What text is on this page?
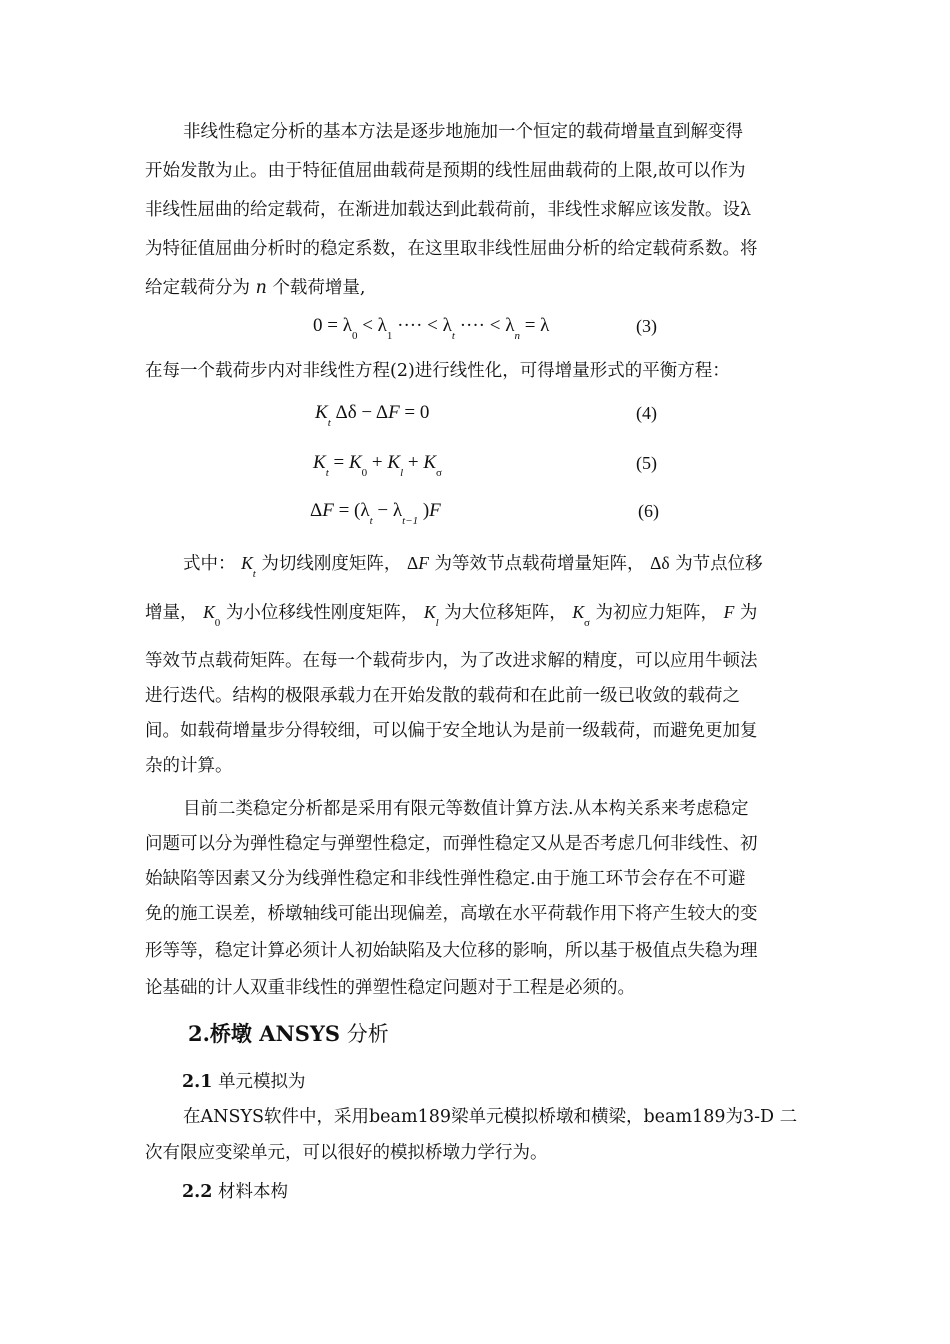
非线性稳定分析的基本方法是逐步地施加一个恒定的载荷增量直到解变得
开始发散为止。由于特征值屈曲载荷是预期的线性屈曲载荷的上限,故可以作为
非线性屈曲的给定载荷，在渐进加载达到此载荷前，非线性求解应该发散。设λ
为特征值屈曲分析时的稳定系数，在这里取非线性屈曲分析的给定载荷系数。将
给定载荷分为 n 个载荷增量,
$0 = \lambda_0 < \lambda_1$ ···· < $\lambda_t$ ···· < $\lambda_n = \lambda$	(3)
在每一个载荷步内对非线性方程(2)进行线性化，可得增量形式的平衡方程：
$K_t$ Δδ − ΔF = 0	(4)
$K_t = K_0 + K_l + K_\sigma$	(5)
$\Delta F = (\lambda_t - \lambda_{t-1}$ )F	(6)
式中： $K_t$ 为切线刚度矩阵， ΔF 为等效节点载荷增量矩阵， Δδ 为节点位移
增量， $K_0$ 为小位移线性刚度矩阵， $K_l$ 为大位移矩阵， $K_\sigma$ 为初应力矩阵， F 为
等效节点载荷矩阵。在每一个载荷步内，为了改进求解的精度，可以应用牛顿法
进行迭代。结构的极限承载力在开始发散的载荷和在此前一级已收敛的载荷之
间。如载荷增量步分得较细，可以偏于安全地认为是前一级载荷，而避免更加复
杂的计算。
目前二类稳定分析都是采用有限元等数值计算方法.从本构关系来考虑稳定
问题可以分为弹性稳定与弹塑性稳定，而弹性稳定又从是否考虑几何非线性、初
始缺陷等因素又分为线弹性稳定和非线性弹性稳定.由于施工环节会存在不可避
免的施工误差，桥墩轴线可能出现偏差，高墩在水平荷载作用下将产生较大的变
形等等，稳定计算必须计人初始缺陷及大位移的影响，所以基于极值点失稳为理
论基础的计人双重非线性的弹塑性稳定问题对于工程是必须的。
2.桥墩 ANSYS 分析
2.1 单元模拟为
在ANSYS软件中，采用beam189梁单元模拟桥墩和横梁，beam189为3-D 二
次有限应变梁单元，可以很好的模拟桥墩力学行为。
2.2 材料本构
